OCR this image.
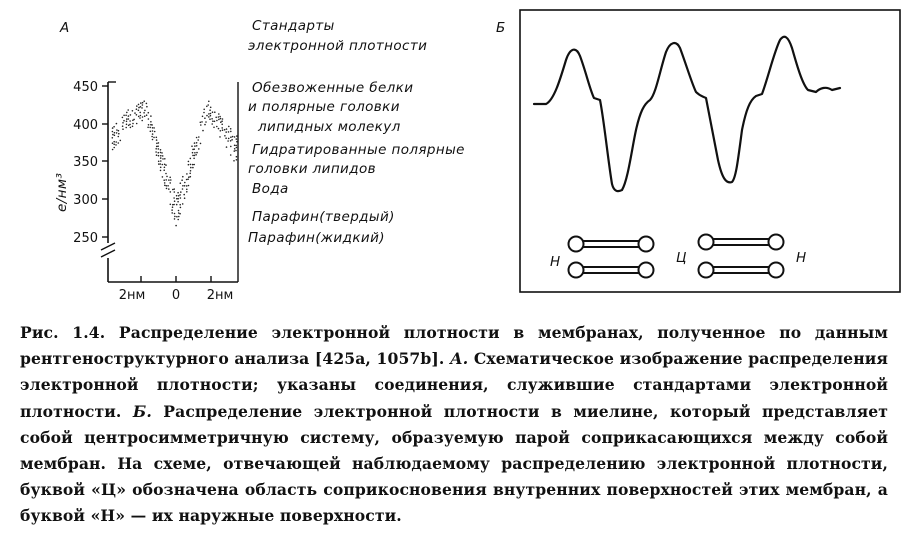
А
450
400
350
300
250
e/нм³
2нм 0 2нм
Стандарты
электронной плотности
Обезвоженные белки
и полярные головки
липидных молекул
Гидратированные полярные
головки липидов
Вода
Парафин(твердый)
Парафин(жидкий)
Б
Н	Ц	Н
Рис. 1.4. Распределение электронной плотности в мембранах, полученное по данным рентгеноструктурного анализа [425а, 1057b]. А. Схематическое изображение распределения электронной плотности; указаны соединения, служившие стандартами электронной плотности. Б. Распределение электронной плотности в миелине, который представляет собой центросимметричную систему, образуемую парой соприкасающихся между собой мембран. На схеме, отвечающей наблюдаемому распределению электронной плотности, буквой «Ц» обозначена область соприкосновения внутренних поверхностей этих мембран, а буквой «Н» — их наружные поверхности.
